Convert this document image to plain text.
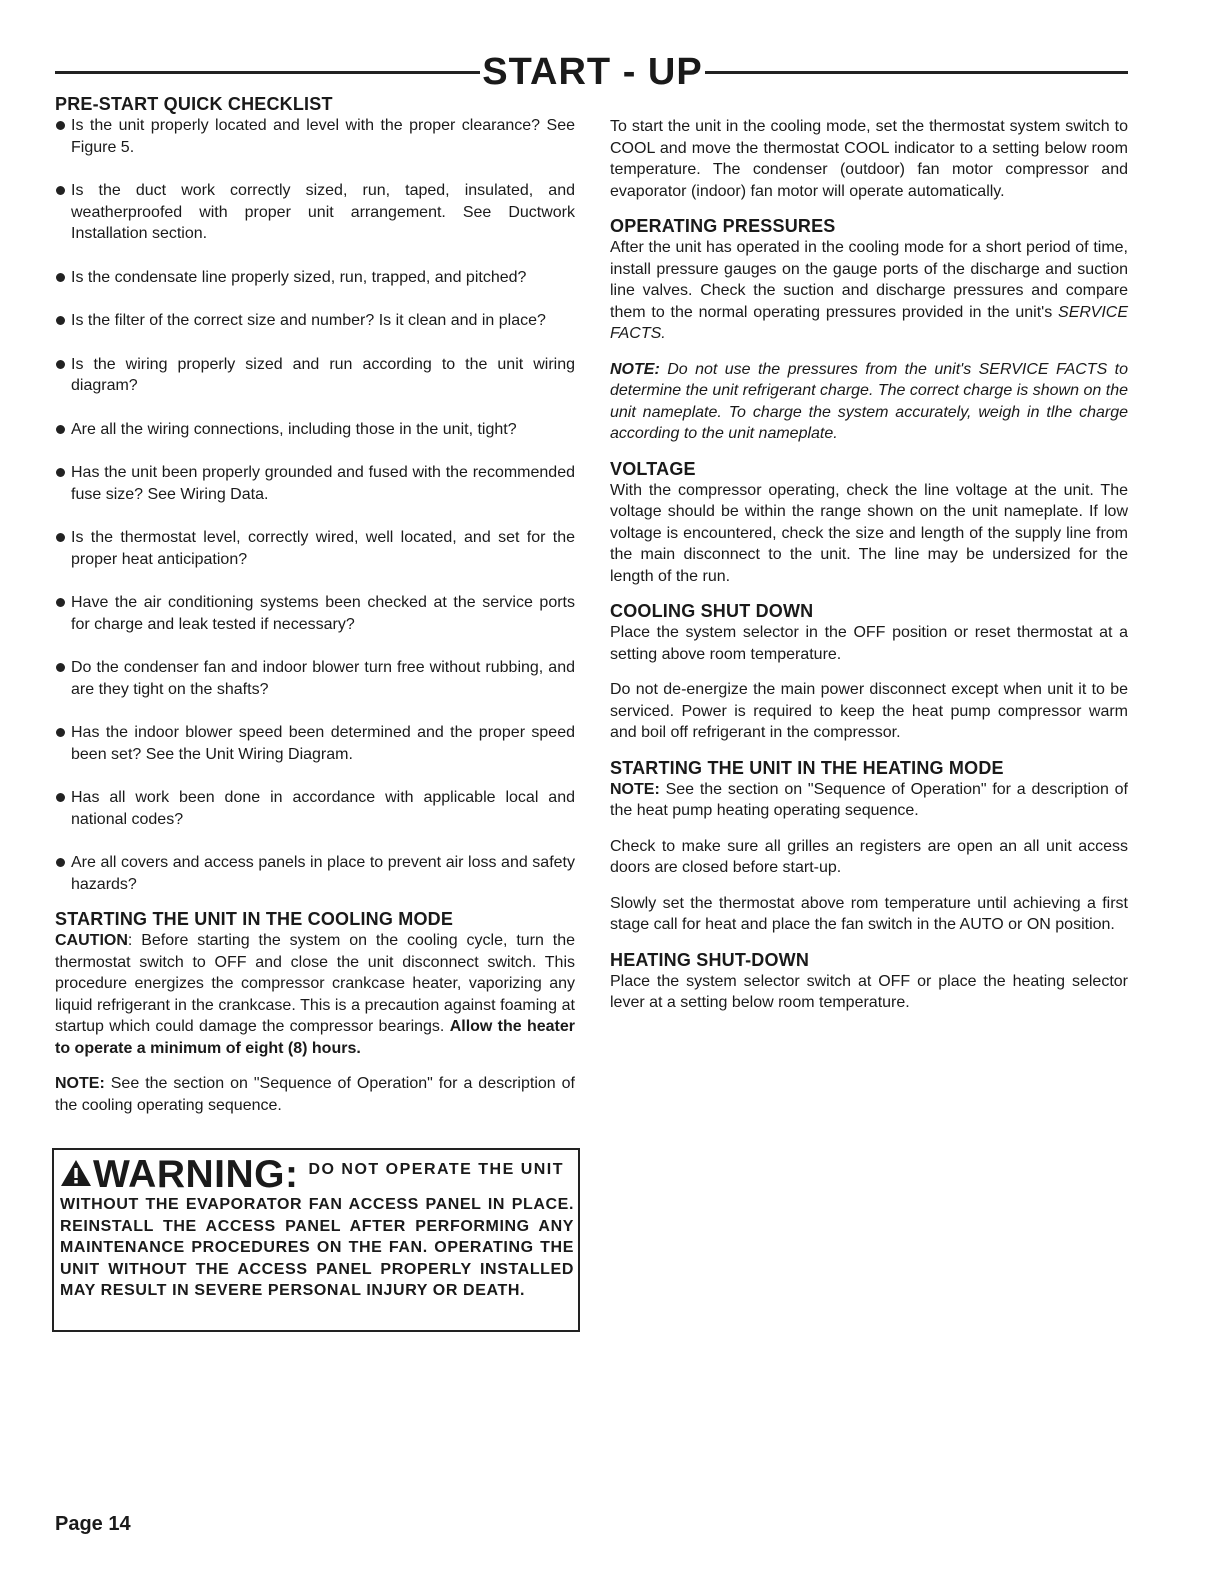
START - UP
PRE-START QUICK CHECKLIST

Is the unit properly located and level with the proper clearance? See Figure 5.

Is the duct work correctly sized, run, taped, insulated, and weatherproofed with proper unit arrangement. See Ductwork Installation section.

Is the condensate line properly sized, run, trapped, and pitched?

Is the filter of the correct size and number? Is it clean and in place?

Is the wiring properly sized and run according to the unit wiring diagram?

Are all the wiring connections, including those in the unit, tight?

Has the unit been properly grounded and fused with the recommended fuse size? See Wiring Data.

Is the thermostat level, correctly wired, well located, and set for the proper heat anticipation?

Have the air conditioning systems been checked at the service ports for charge and leak tested if necessary?

Do the condenser fan and indoor blower turn free without rubbing, and are they tight on the shafts?

Has the indoor blower speed been determined and the proper speed been set? See the Unit Wiring Diagram.

Has all work been done in accordance with applicable local and national codes?

Are all covers and access panels in place to prevent air loss and safety hazards?

STARTING THE UNIT IN THE COOLING MODE

CAUTION: Before starting the system on the cooling cycle, turn the thermostat switch to OFF and close the unit disconnect switch. This procedure energizes the compressor crankcase heater, vaporizing any liquid refrigerant in the crankcase. This is a precaution against foaming at startup which could damage the compressor bearings. Allow the heater to operate a minimum of eight (8) hours.

NOTE: See the section on "Sequence of Operation" for a description of the cooling operating sequence.

WARNING: DO NOT OPERATE THE UNIT
WITHOUT THE EVAPORATOR FAN ACCESS PANEL IN PLACE. REINSTALL THE ACCESS PANEL AFTER PERFORMING ANY MAINTENANCE PROCEDURES ON THE FAN. OPERATING THE UNIT WITHOUT THE ACCESS PANEL PROPERLY INSTALLED MAY RESULT IN SEVERE PERSONAL INJURY OR DEATH.

To start the unit in the cooling mode, set the thermostat system switch to COOL and move the thermostat COOL indicator to a setting below room temperature. The condenser (outdoor) fan motor compressor and evaporator (indoor) fan motor will operate automatically.

OPERATING PRESSURES

After the unit has operated in the cooling mode for a short period of time, install pressure gauges on the gauge ports of the discharge and suction line valves. Check the suction and discharge pressures and compare them to the normal operating pressures provided in the unit's SERVICE FACTS.

NOTE: Do not use the pressures from the unit's SERVICE FACTS to determine the unit refrigerant charge. The correct charge is shown on the unit nameplate. To charge the system accurately, weigh in tlhe charge according to the unit nameplate.

VOLTAGE

With the compressor operating, check the line voltage at the unit. The voltage should be within the range shown on the unit nameplate. If low voltage is encountered, check the size and length of the supply line from the main disconnect to the unit. The line may be undersized for the length of the run.

COOLING SHUT DOWN

Place the system selector in the OFF position or reset thermostat at a setting above room temperature.

Do not de-energize the main power disconnect except when unit it to be serviced. Power is required to keep the heat pump compressor warm and boil off refrigerant in the compressor.

STARTING THE UNIT IN THE HEATING MODE

NOTE: See the section on "Sequence of Operation" for a description of the heat pump heating operating sequence.

Check to make sure all grilles an registers are open an all unit access doors are closed before start-up.

Slowly set the thermostat above rom temperature until achieving a first stage call for heat and place the fan switch in the AUTO or ON position.

HEATING SHUT-DOWN

Place the system selector switch at OFF or place the heating selector lever at a setting below room temperature.

Page 14
